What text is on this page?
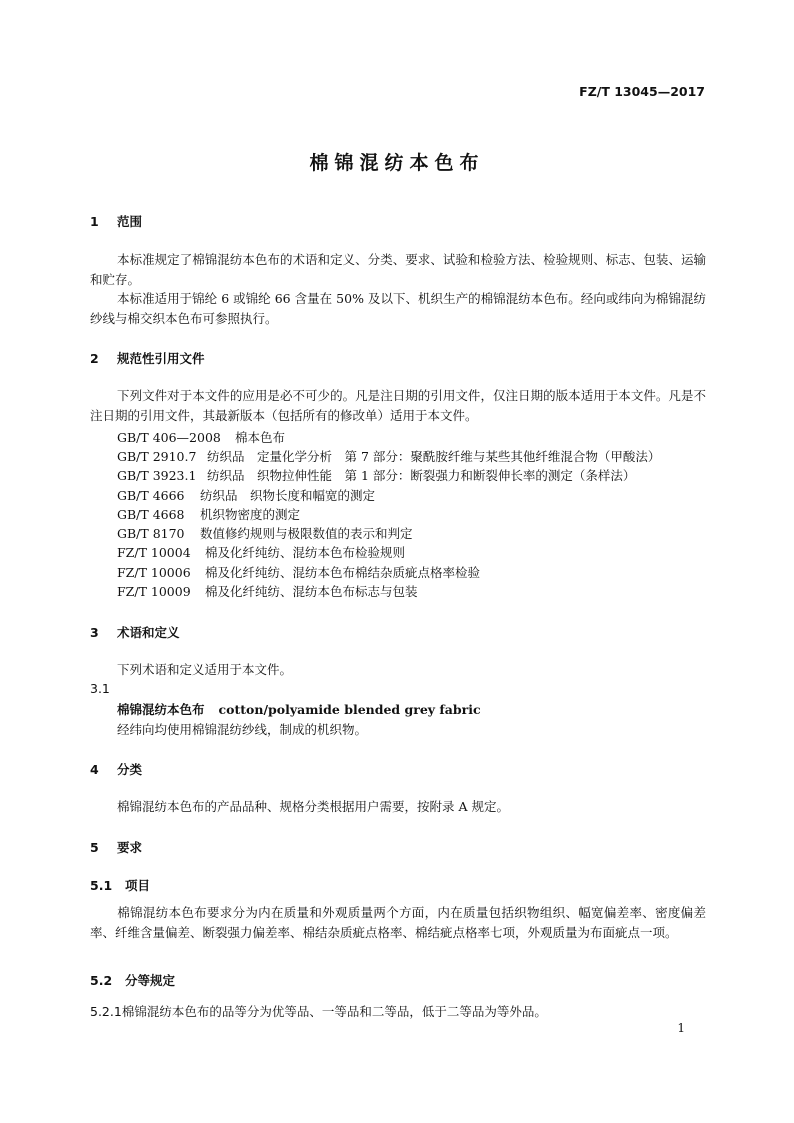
FZ/T 13045—2017
棉锦混纺本色布
1 范围
本标准规定了棉锦混纺本色布的术语和定义、分类、要求、试验和检验方法、检验规则、标志、包装、运输和贮存。
本标准适用于锦纶 6 或锦纶 66 含量在 50% 及以下、机织生产的棉锦混纺本色布。经向或纬向为棉锦混纺纱线与棉交织本色布可参照执行。
2 规范性引用文件
下列文件对于本文件的应用是必不可少的。凡是注日期的引用文件，仅注日期的版本适用于本文件。凡是不注日期的引用文件，其最新版本（包括所有的修改单）适用于本文件。
GB/T 406—2008 棉本色布
GB/T 2910.7 纺织品　定量化学分析　第 7 部分：聚酰胺纤维与某些其他纤维混合物（甲酸法）
GB/T 3923.1 纺织品　织物拉伸性能　第 1 部分：断裂强力和断裂伸长率的测定（条样法）
GB/T 4666 纺织品　织物长度和幅宽的测定
GB/T 4668 机织物密度的测定
GB/T 8170 数值修约规则与极限数值的表示和判定
FZ/T 10004 棉及化纤纯纺、混纺本色布检验规则
FZ/T 10006 棉及化纤纯纺、混纺本色布棉结杂质疵点格率检验
FZ/T 10009 棉及化纤纯纺、混纺本色布标志与包装
3 术语和定义
下列术语和定义适用于本文件。
3.1
棉锦混纺本色布 cotton/polyamide blended grey fabric
经纬向均使用棉锦混纺纱线，制成的机织物。
4 分类
棉锦混纺本色布的产品品种、规格分类根据用户需要，按附录 A 规定。
5 要求
5.1 项目
棉锦混纺本色布要求分为内在质量和外观质量两个方面，内在质量包括织物组织、幅宽偏差率、密度偏差率、纤维含量偏差、断裂强力偏差率、棉结杂质疵点格率、棉结疵点格率七项，外观质量为布面疵点一项。
5.2 分等规定
5.2.1棉锦混纺本色布的品等分为优等品、一等品和二等品，低于二等品为等外品。
1
